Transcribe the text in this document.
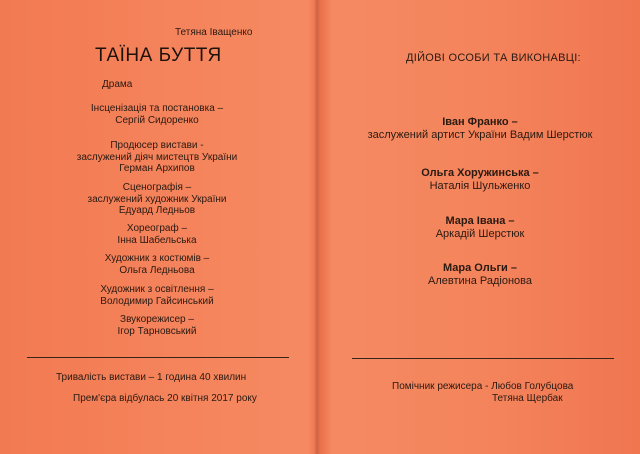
Тетяна Іващенко
ТАЇНА БУТТЯ
Драма
Інсценізація та постановка –
Сергій Сидоренко
Продюсер вистави -
заслужений діяч мистецтв України
Герман Архипов
Сценографія –
заслужений художник України
Едуард Ледньов
Хореограф –
Інна Шабельська
Художник з костюмів –
Ольга Ледньова
Художник з освітлення –
Володимир Гайсинський
Звукорежисер –
Ігор Тарновський
Тривалість вистави – 1 година 40 хвилин
Прем'єра відбулась 20 квітня 2017 року
ДІЙОВІ ОСОБИ ТА ВИКОНАВЦІ:
Іван Франко –
заслужений артист України Вадим Шерстюк
Ольга Хоружинська –
Наталія Шульженко
Мара Івана –
Аркадій Шерстюк
Мара Ольги –
Алевтина Радіонова
Помічник режисера - Любов Голубцова
Тетяна Щербак
